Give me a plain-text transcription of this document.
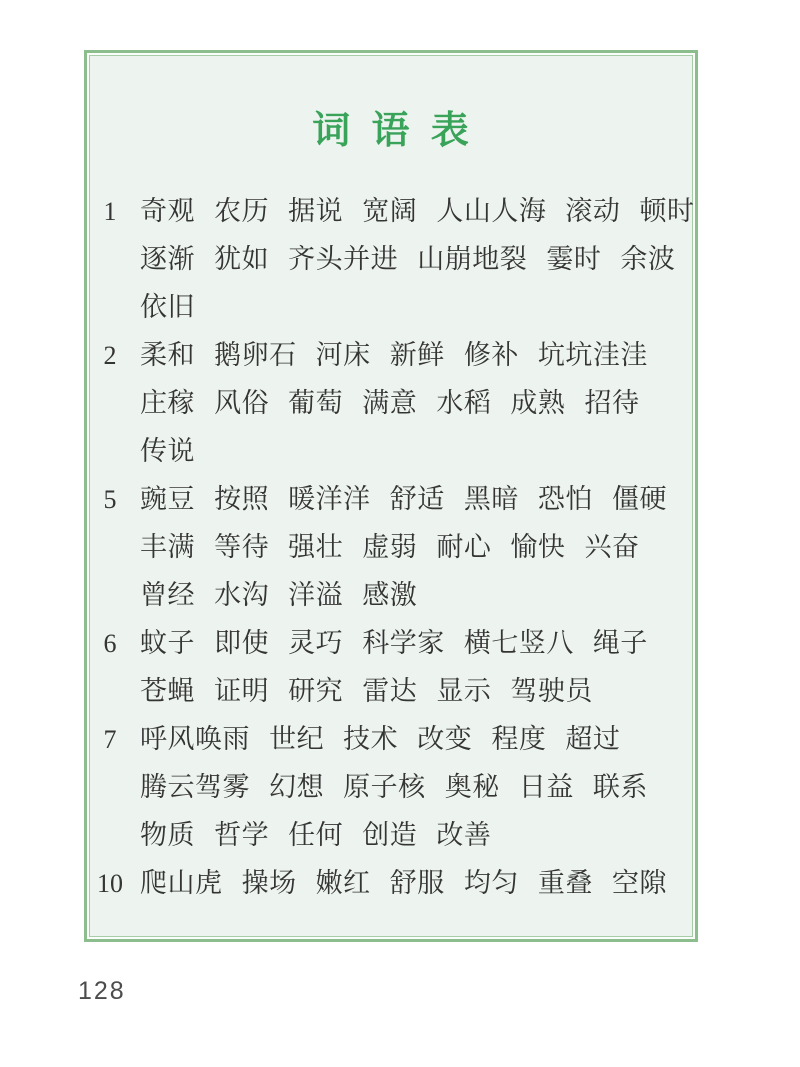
词 语 表
1 奇观 农历 据说 宽阔 人山人海 滚动 顿时
逐渐 犹如 齐头并进 山崩地裂 霎时 余波
依旧
2 柔和 鹅卵石 河床 新鲜 修补 坑坑洼洼
庄稼 风俗 葡萄 满意 水稻 成熟 招待
传说
5 豌豆 按照 暖洋洋 舒适 黑暗 恐怕 僵硬
丰满 等待 强壮 虚弱 耐心 愉快 兴奋
曾经 水沟 洋溢 感激
6 蚊子 即使 灵巧 科学家 横七竖八 绳子
苍蝇 证明 研究 雷达 显示 驾驶员
7 呼风唤雨 世纪 技术 改变 程度 超过
腾云驾雾 幻想 原子核 奥秘 日益 联系
物质 哲学 任何 创造 改善
10 爬山虎 操场 嫩红 舒服 均匀 重叠 空隙
128
